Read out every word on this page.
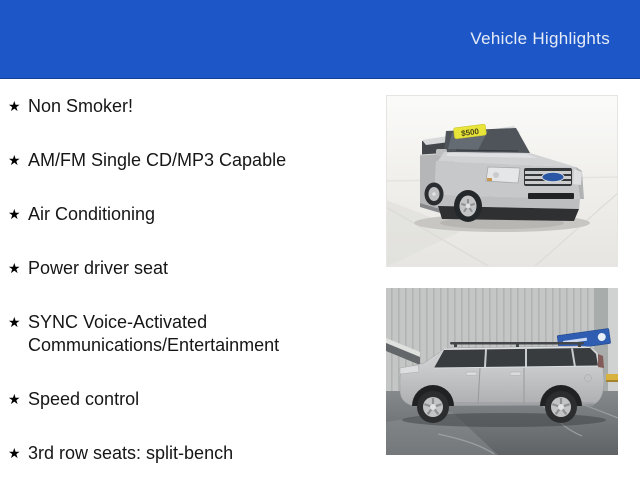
Vehicle Highlights
★ Non Smoker!
★ AM/FM Single CD/MP3 Capable
★ Air Conditioning
★ Power driver seat
★ SYNC Voice-Activated Communications/Entertainment
★ Speed control
★ 3rd row seats: split-bench
$500
